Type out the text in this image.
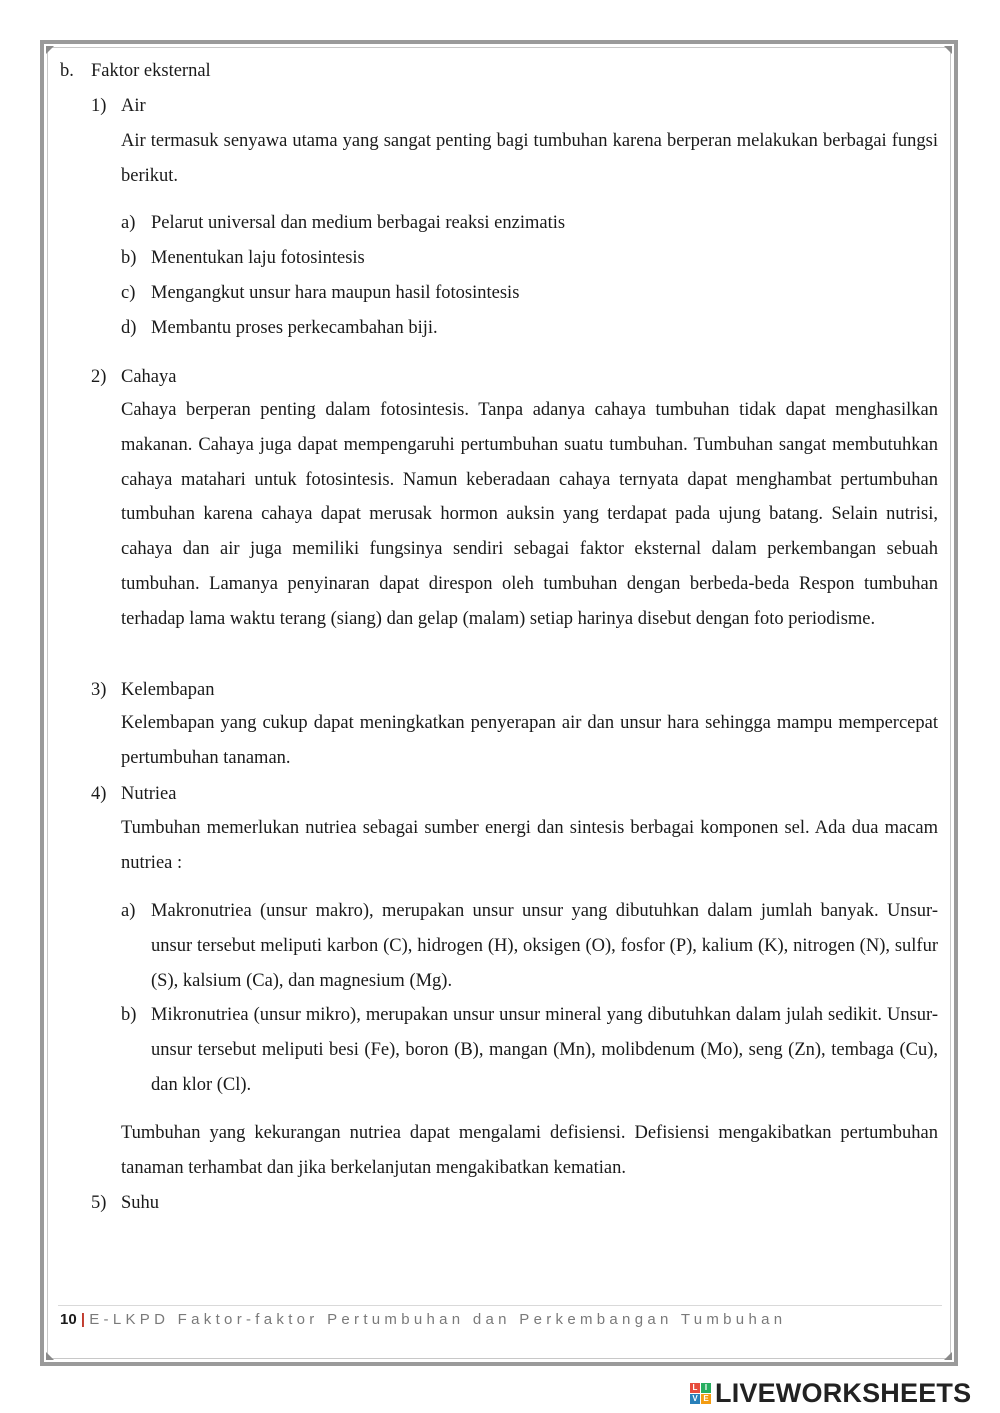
b. Faktor eksternal
1) Air
Air termasuk senyawa utama yang sangat penting bagi tumbuhan karena berperan melakukan berbagai fungsi berikut.
a) Pelarut universal dan medium berbagai reaksi enzimatis
b) Menentukan laju fotosintesis
c) Mengangkut unsur hara maupun hasil fotosintesis
d) Membantu proses perkecambahan biji.
2) Cahaya
Cahaya berperan penting dalam fotosintesis. Tanpa adanya cahaya tumbuhan tidak dapat menghasilkan makanan. Cahaya juga dapat mempengaruhi pertumbuhan suatu tumbuhan. Tumbuhan sangat membutuhkan cahaya matahari untuk fotosintesis. Namun keberadaan cahaya ternyata dapat menghambat pertumbuhan tumbuhan karena cahaya dapat merusak hormon auksin yang terdapat pada ujung batang. Selain nutrisi, cahaya dan air juga memiliki fungsinya sendiri sebagai faktor eksternal dalam perkembangan sebuah tumbuhan. Lamanya penyinaran dapat direspon oleh tumbuhan dengan berbeda-beda Respon tumbuhan terhadap lama waktu terang (siang) dan gelap (malam) setiap harinya disebut dengan foto periodisme.
3) Kelembapan
Kelembapan yang cukup dapat meningkatkan penyerapan air dan unsur hara sehingga mampu mempercepat pertumbuhan tanaman.
4) Nutriea
Tumbuhan memerlukan nutriea sebagai sumber energi dan sintesis berbagai komponen sel. Ada dua macam nutriea :
a) Makronutriea (unsur makro), merupakan unsur unsur yang dibutuhkan dalam jumlah banyak. Unsur-unsur tersebut meliputi karbon (C), hidrogen (H), oksigen (O), fosfor (P), kalium (K), nitrogen (N), sulfur (S), kalsium (Ca), dan magnesium (Mg).
b) Mikronutriea (unsur mikro), merupakan unsur unsur mineral yang dibutuhkan dalam julah sedikit. Unsur-unsur tersebut meliputi besi (Fe), boron (B), mangan (Mn), molibdenum (Mo), seng (Zn), tembaga (Cu), dan klor (Cl).
Tumbuhan yang kekurangan nutriea dapat mengalami defisiensi. Defisiensi mengakibatkan pertumbuhan tanaman terhambat dan jika berkelanjutan mengakibatkan kematian.
5) Suhu
10 | E-LKPD Faktor-faktor Pertumbuhan dan Perkembangan Tumbuhan
L I
V E LIVEWORKSHEETS
